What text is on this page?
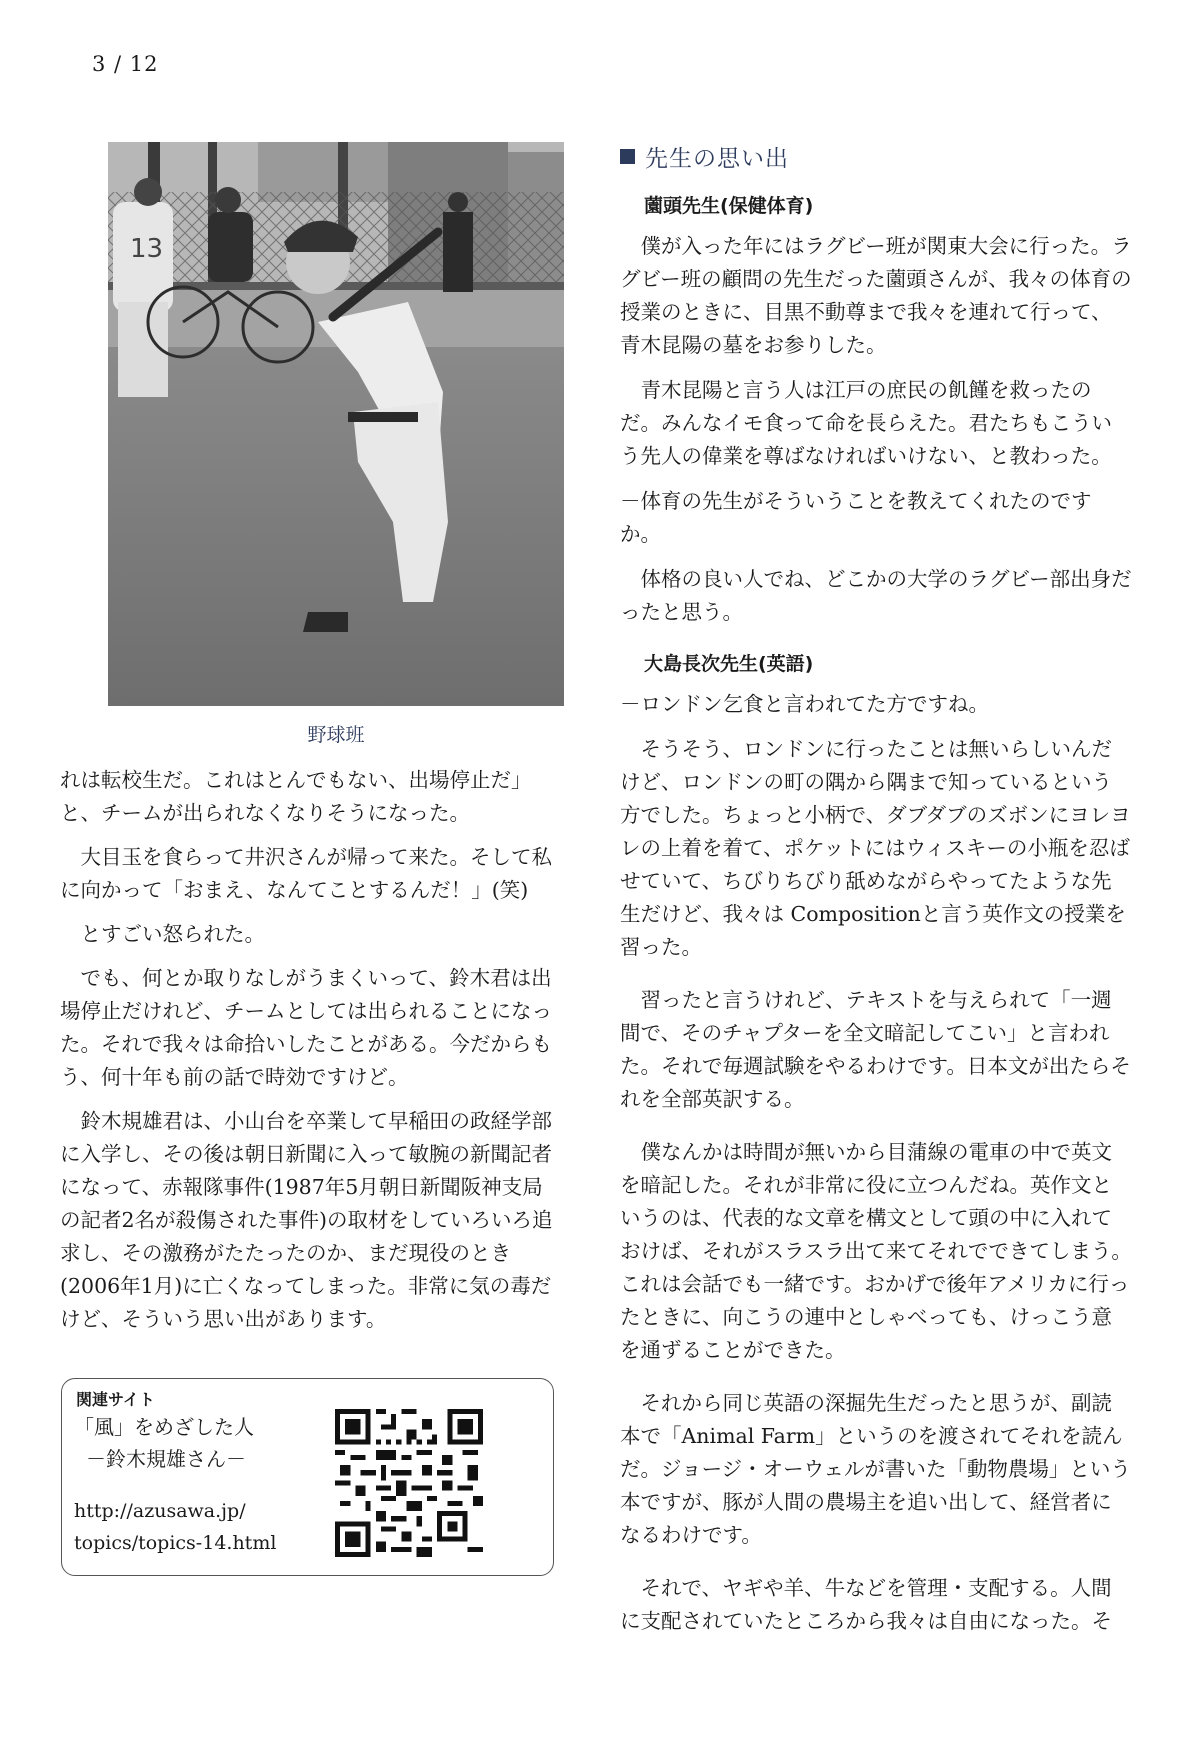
3 / 12
13
野球班

れは転校生だ。これはとんでもない、出場停止だ」と、チームが出られなくなりそうになった。

大目玉を食らって井沢さんが帰って来た。そして私に向かって「おまえ、なんてことするんだ！」(笑)

とすごい怒られた。

でも、何とか取りなしがうまくいって、鈴木君は出場停止だけれど、チームとしては出られることになった。それで我々は命拾いしたことがある。今だからもう、何十年も前の話で時効ですけど。

鈴木規雄君は、小山台を卒業して早稲田の政経学部に入学し、その後は朝日新聞に入って敏腕の新聞記者になって、赤報隊事件(1987年5月朝日新聞阪神支局の記者2名が殺傷された事件)の取材をしていろいろ追求し、その激務がたたったのか、まだ現役のとき(2006年1月)に亡くなってしまった。非常に気の毒だけど、そういう思い出があります。

関連サイト
「風」をめざした人
－鈴木規雄さん－
http://azusawa.jp/
topics/topics-14.html
先生の思い出
薗頭先生(保健体育)

僕が入った年にはラグビー班が関東大会に行った。ラグビー班の顧問の先生だった薗頭さんが、我々の体育の授業のときに、目黒不動尊まで我々を連れて行って、青木昆陽の墓をお参りした。

青木昆陽と言う人は江戸の庶民の飢饉を救ったのだ。みんなイモ食って命を長らえた。君たちもこういう先人の偉業を尊ばなければいけない、と教わった。

－体育の先生がそういうことを教えてくれたのですか。

体格の良い人でね、どこかの大学のラグビー部出身だったと思う。

大島長次先生(英語)

－ロンドン乞食と言われてた方ですね。

そうそう、ロンドンに行ったことは無いらしいんだけど、ロンドンの町の隅から隅まで知っているという方でした。ちょっと小柄で、ダブダブのズボンにヨレヨレの上着を着て、ポケットにはウィスキーの小瓶を忍ばせていて、ちびりちびり舐めながらやってたような先生だけど、我々は Compositionと言う英作文の授業を習った。

習ったと言うけれど、テキストを与えられて「一週間で、そのチャプターを全文暗記してこい」と言われた。それで毎週試験をやるわけです。日本文が出たらそれを全部英訳する。

僕なんかは時間が無いから目蒲線の電車の中で英文を暗記した。それが非常に役に立つんだね。英作文というのは、代表的な文章を構文として頭の中に入れておけば、それがスラスラ出て来てそれでできてしまう。これは会話でも一緒です。おかげで後年アメリカに行ったときに、向こうの連中としゃべっても、けっこう意を通ずることができた。

それから同じ英語の深掘先生だったと思うが、副読本で「Animal Farm」というのを渡されてそれを読んだ。ジョージ・オーウェルが書いた「動物農場」という本ですが、豚が人間の農場主を追い出して、経営者になるわけです。

それで、ヤギや羊、牛などを管理・支配する。人間に支配されていたところから我々は自由になった。そ
